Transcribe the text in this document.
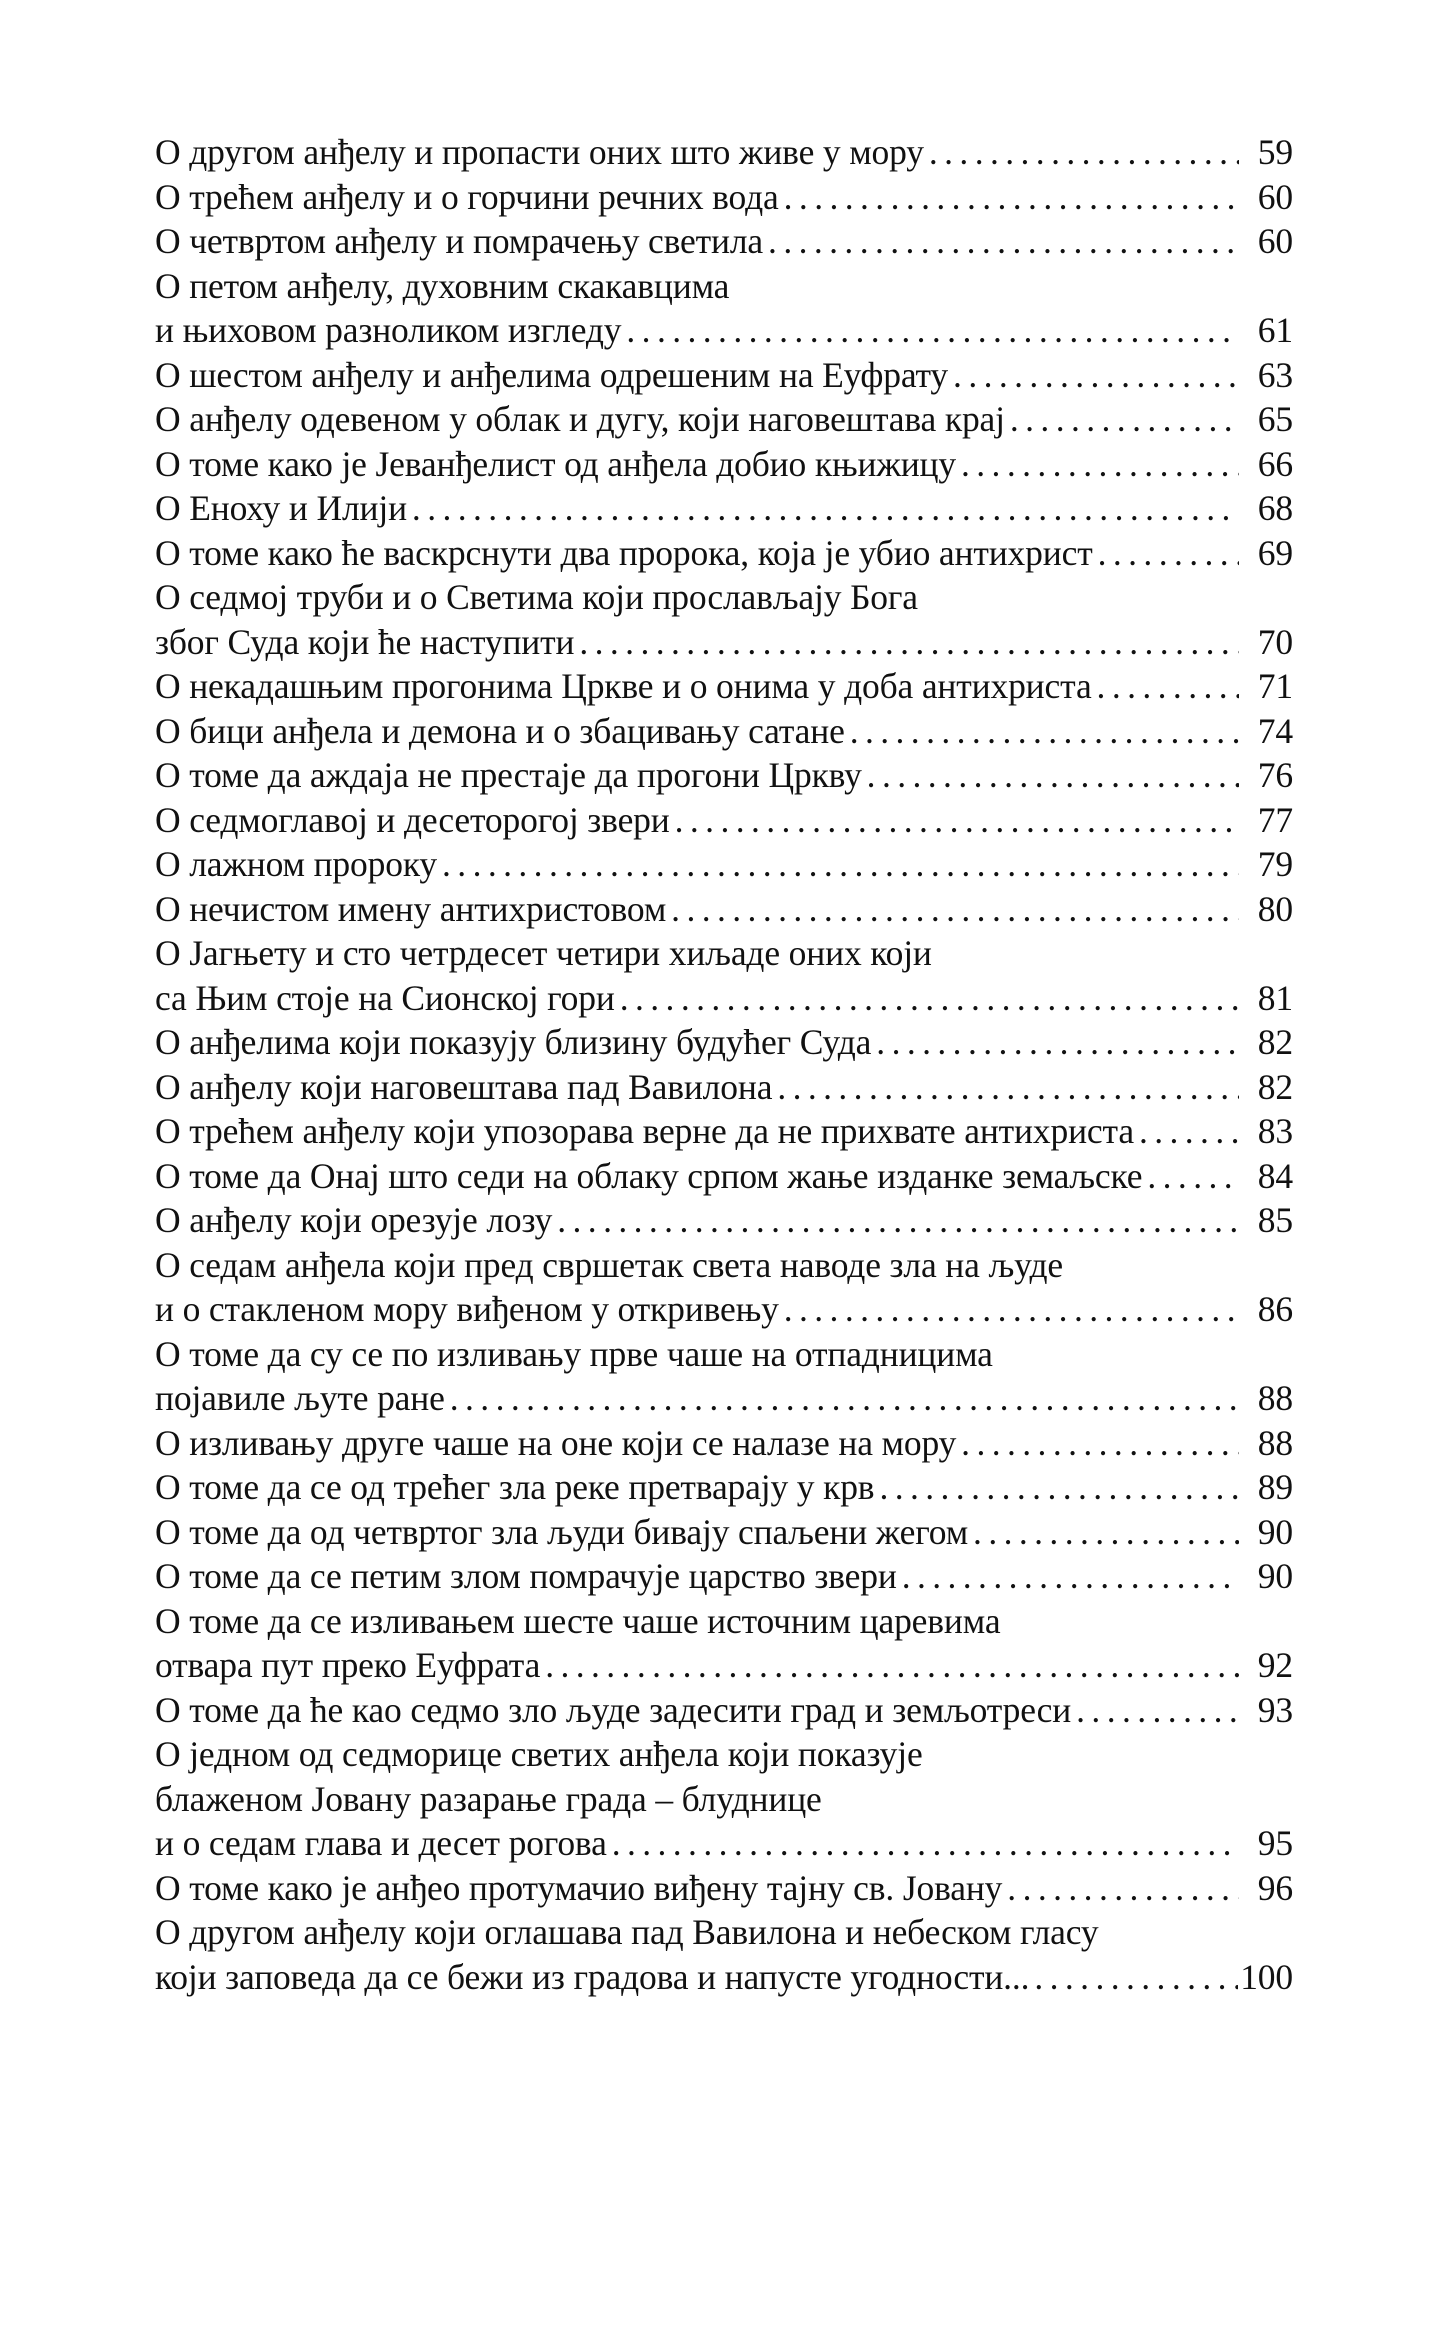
О другом анђелу и пропасти оних што живе у мору .....	59
О трећем анђелу и о горчини речних вода .....	60
О четвртом анђелу и помрачењу светила .....	60
О петом анђелу, духовним скакавцима
и њиховом разноликом изгледу .....	61
О шестом анђелу и анђелима одрешеним на Еуфрату .....	63
О анђелу одевеном у облак и дугу, који наговештава крај .....	65
О томе како је Јеванђелист од анђела добио књижицу .....	66
О Еноху и Илији .....	68
О томе како ће васкрснути два пророка, која је убио антихрист .....	69
О седмој труби и о Светима који прослављају Бога
због Суда који ће наступити .....	70
О некадашњим прогонима Цркве и о онима у доба антихриста .....	71
О бици анђела и демона и о збацивању сатане .....	74
О томе да аждаја не престаје да прогони Цркву .....	76
О седмоглавој и десеторогој звери .....	77
О лажном пророку .....	79
О нечистом имену антихристовом .....	80
О Јагњету и сто четрдесет четири хиљаде оних који
са Њим стоје на Сионској гори .....	81
О анђелима који показују близину будућег Суда .....	82
О анђелу који наговештава пад Вавилона .....	82
О трећем анђелу који упозорава верне да не прихвате антихриста .....	83
О томе да Онај што седи на облаку српом жање изданке земаљске .....	84
О анђелу који орезује лозу .....	85
О седам анђела који пред свршетак света наводе зла на људе
и о стакленом мору виђеном у откривењу .....	86
О томе да су се по изливању прве чаше на отпадницима
појавиле љуте ране .....	88
О изливању друге чаше на оне који се налазе на мору .....	88
О томе да се од трећег зла реке претварају у крв .....	89
О томе да од четвртог зла људи бивају спаљени жегом .....	90
О томе да се петим злом помрачује царство звери .....	90
О томе да се изливањем шесте чаше источним царевима
отвара пут преко Еуфрата .....	92
О томе да ће као седмо зло људе задесити град и земљотреси .....	93
О једном од седморице светих анђела који показује
блаженом Јовану разарање града – блуднице
и о седам глава и десет рогова .....	95
О томе како је анђео протумачио виђену тајну св. Јовану .....	96
О другом анђелу који оглашава пад Вавилона и небеском гласу
који заповеда да се бежи из градова и напусте угодности... .....	100
